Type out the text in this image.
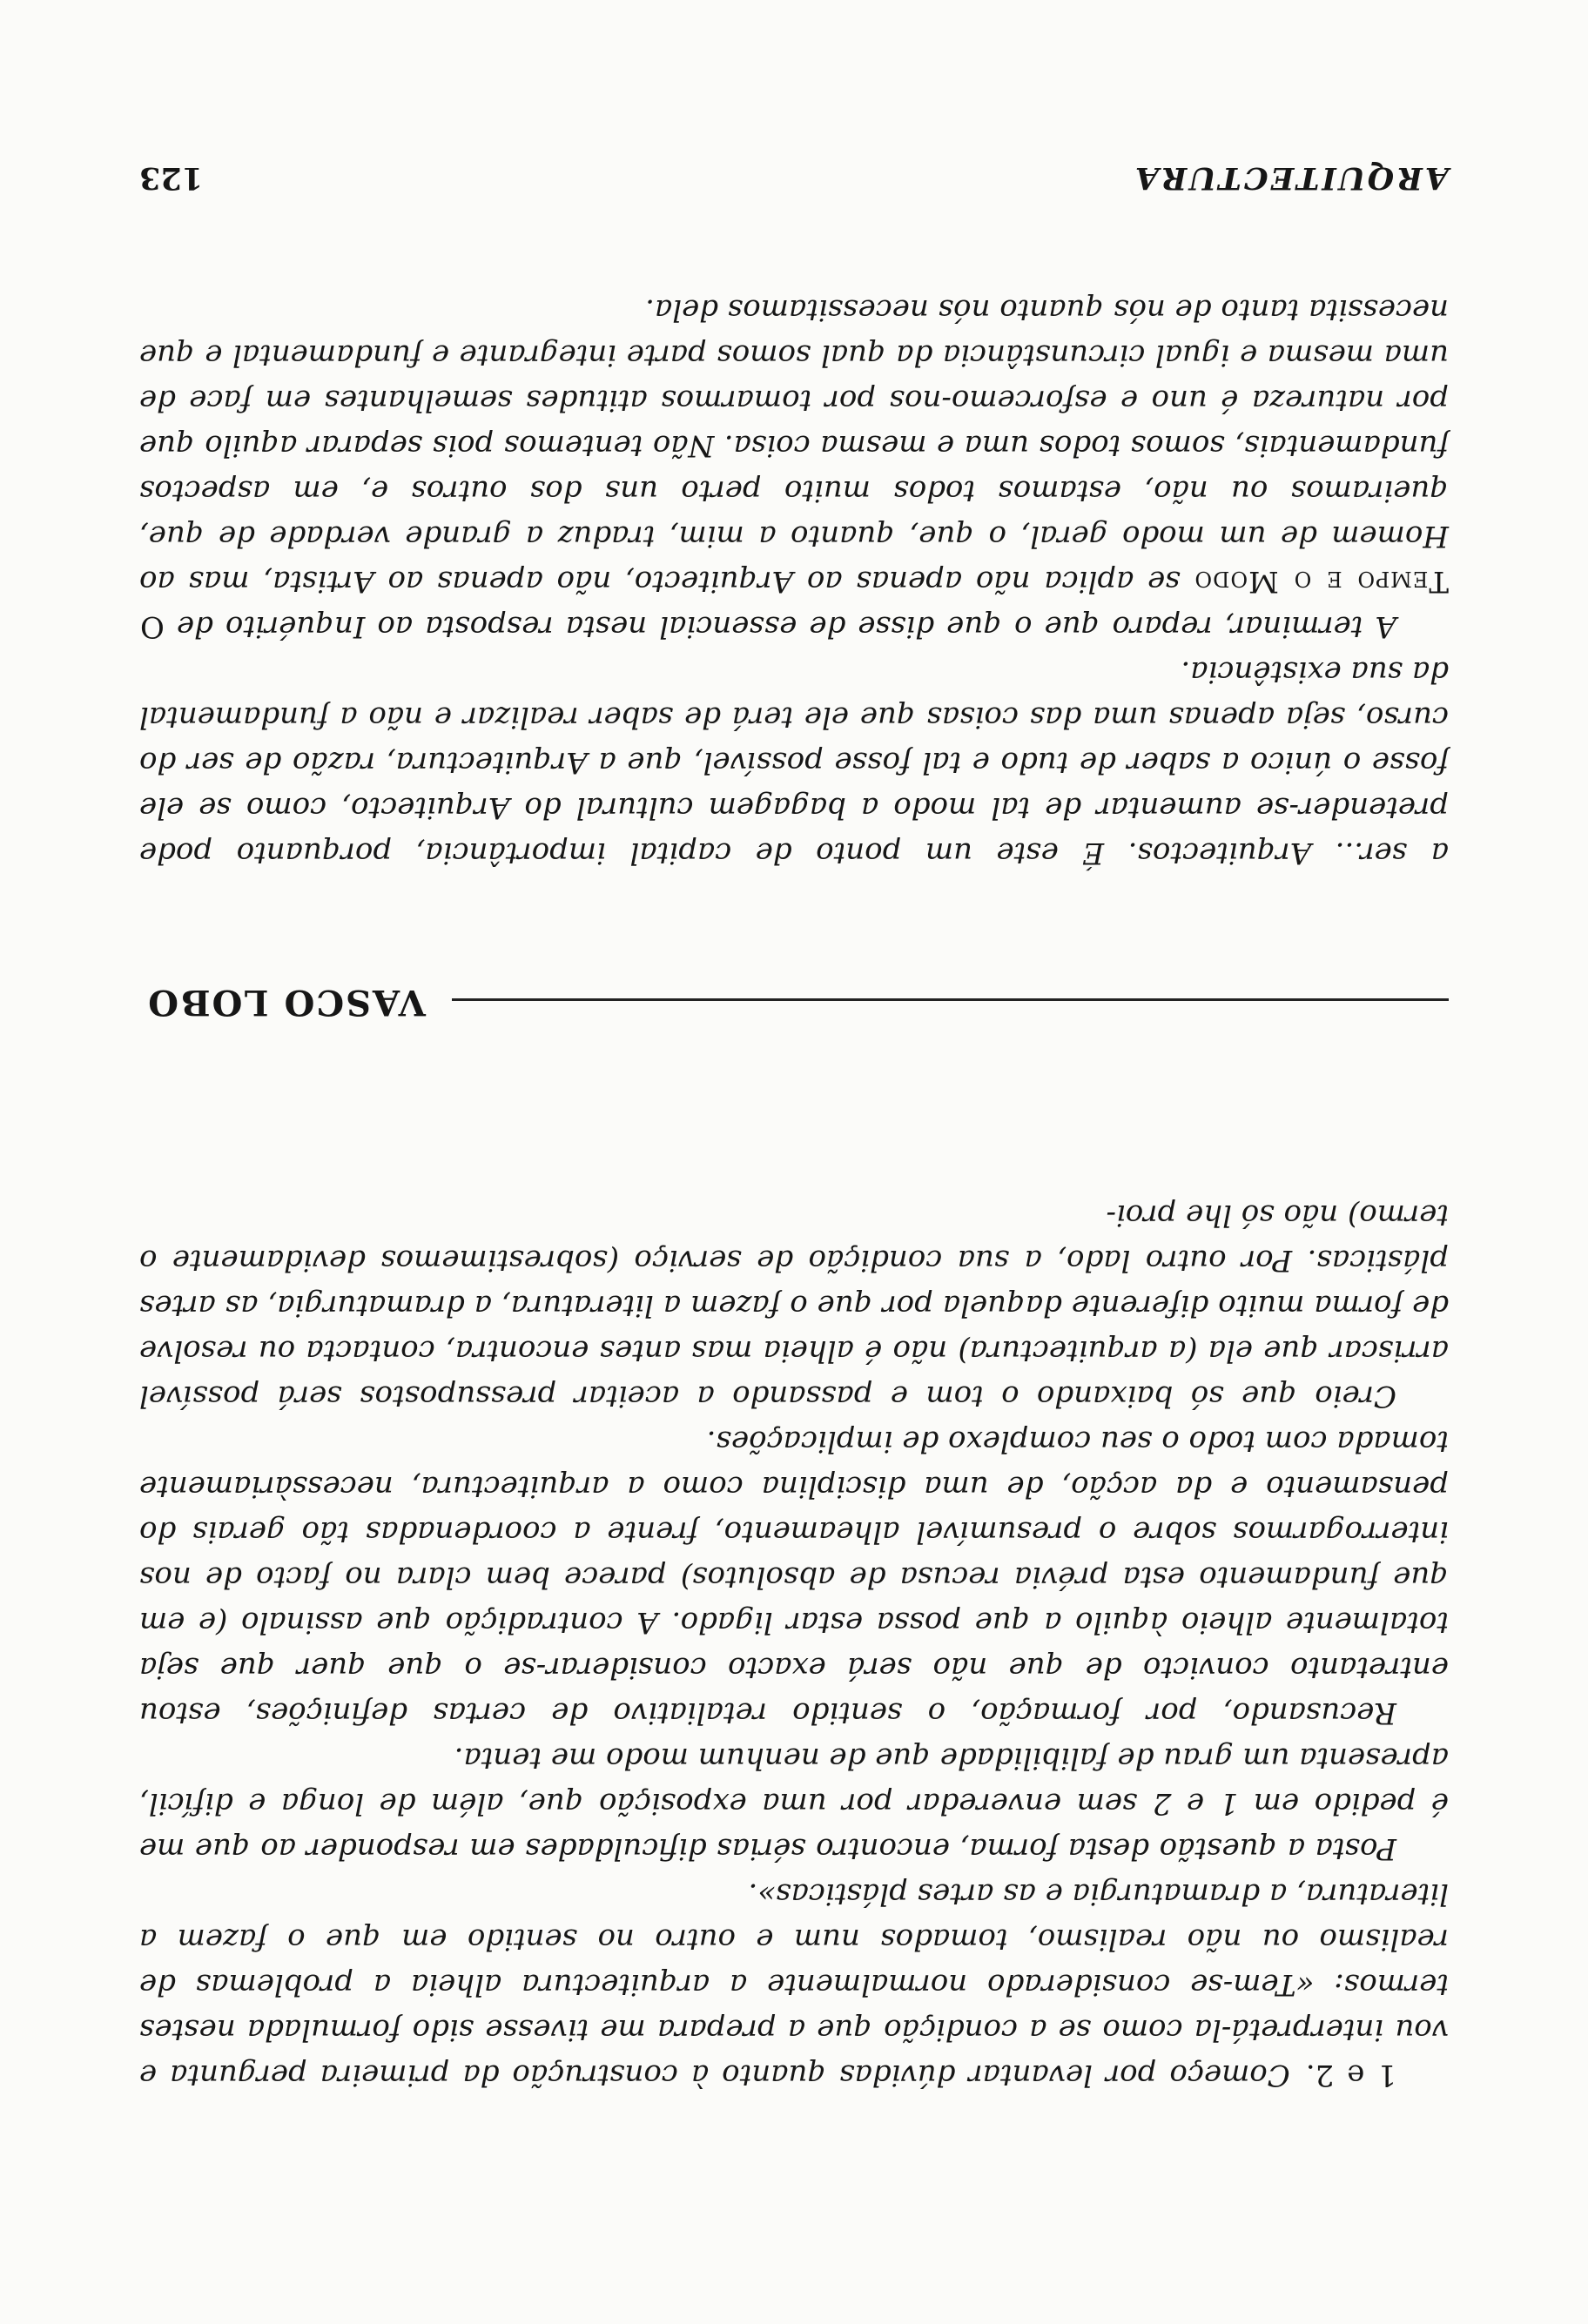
ARQUITECTURA
123

a ser... Arquitectos. É este um ponto de capital importância, porquanto pode pretender-se aumentar de tal modo a bagagem cultural do Arquitecto, como se ele fosse o único a saber de tudo e tal fosse possível, que a Arquitectura, razão de ser do curso, seja apenas uma das coisas que ele terá de saber realizar e não a fundamental da sua existência.

A terminar, reparo que o que disse de essencial nesta resposta ao Inquérito de O Tempo e o Modo se aplica não apenas ao Arquitecto, não apenas ao Artista, mas ao Homem de um modo geral, o que, quanto a mim, traduz a grande verdade de que, queiramos ou não, estamos todos muito perto uns dos outros e, em aspectos fundamentais, somos todos uma e mesma coisa. Não tentemos pois separar aquilo que por natureza é uno e esforcemo-nos por tomarmos atitudes semelhantes em face de uma mesma e igual circunstância da qual somos parte integrante e fundamental e que necessita tanto de nós quanto nós necessitamos dela.

VASCO LOBO

1 e 2.Começo por levantar dúvidas quanto à construção da primeira pergunta e vou interpretá-la como se a condição que a prepara me tivesse sido formulada nestes termos: «Tem-se considerado normalmente a arquitectura alheia a problemas de realismo ou não realismo, tomados num e outro no sentido em que o fazem a literatura, a dramaturgia e as artes plásticas».

Posta a questão desta forma, encontro sérias dificuldades em responder ao que me é pedido em 1 e 2 sem enveredar por uma exposição que, além de longa e difícil, apresenta um grau de falibilidade que de nenhum modo me tenta.

Recusando, por formação, o sentido retaliativo de certas definições, estou entretanto convicto de que não será exacto considerar-se o que quer que seja totalmente alheio àquilo a que possa estar ligado. A contradição que assinalo (e em que fundamento esta prévia recusa de absolutos) parece bem clara no facto de nos interrogarmos sobre o presumível alheamento, frente a coordenadas tão gerais do pensamento e da acção, de uma disciplina como a arquitectura, necessàriamente tomada com todo o seu complexo de implicações.

Creio que só baixando o tom e passando a aceitar pressupostos será possível arriscar que ela (a arquitectura) não é alheia mas antes encontra, contacta ou resolve de forma muito diferente daquela por que o fazem a literatura, a dramaturgia, as artes plásticas. Por outro lado, a sua condição de serviço (sobrestimemos devidamente o termo) não só lhe proi-
